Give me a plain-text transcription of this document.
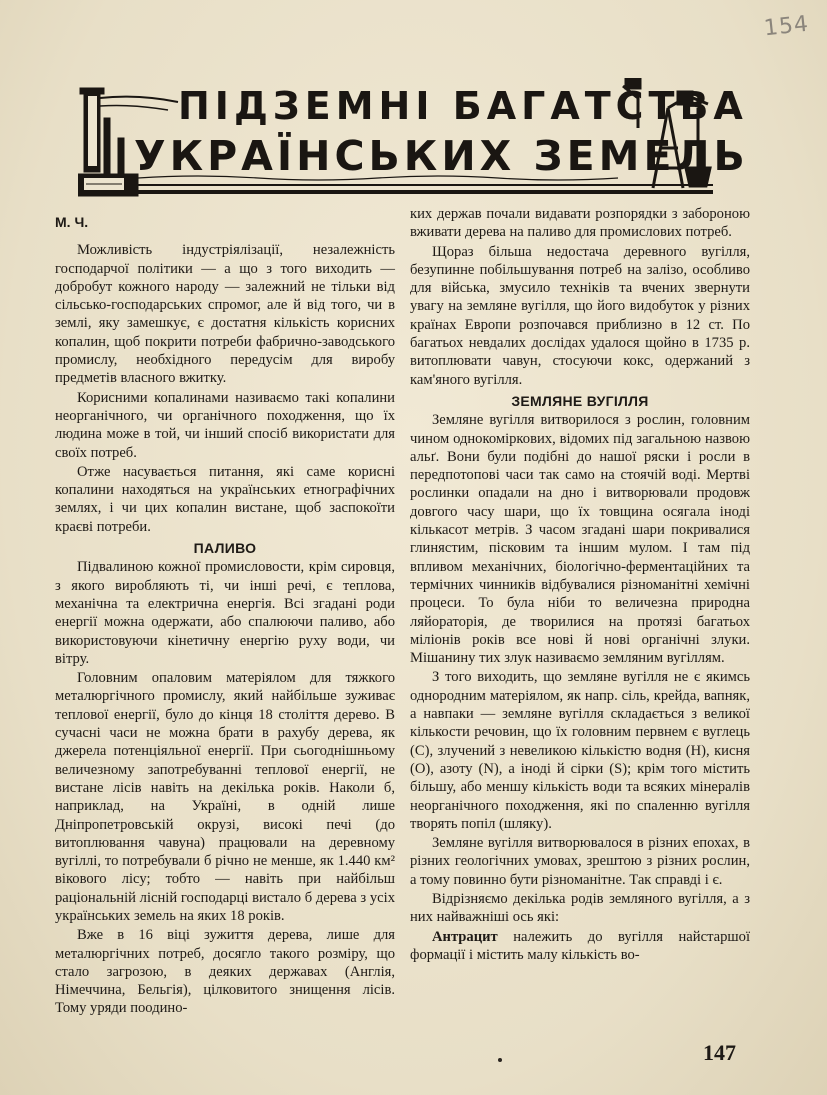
154
ПІДЗЕМНІ БАГАТСТВА
УКРАЇНСЬКИХ ЗЕМЕЛЬ

М. Ч.

Можливість індустріялізації, незалежність господарчої політики — а що з того виходить — добробут кожного народу — залежний не тільки від сільсько-господарських спромог, але й від того, чи в землі, яку замешкує, є достатня кількість корисних копалин, щоб покрити потреби фабрично-заводського промислу, необхідного передусім для виробу предметів власного вжитку.

Корисними копалинами називаємо такі копалини неорганічного, чи органічного походження, що їх людина може в той, чи інший спосіб використати для своїх потреб.

Отже насувається питання, які саме корисні копалини находяться на українських етнографічних землях, і чи цих копалин вистане, щоб заспокоїти краєві потреби.

ПАЛИВО

Підвалиною кожної промисловости, крім сировця, з якого виробляють ті, чи інші речі, є теплова, механічна та електрична енергія. Всі згадані роди енергії можна одержати, або спалюючи паливо, або використовуючи кінетичну енергію руху води, чи вітру.

Головним опаловим матеріялом для тяжкого металюргічного промислу, який найбільше зуживає теплової енергії, було до кінця 18 століття дерево. В сучасні часи не можна брати в рахубу дерева, як джерела потенціяльної енергії. При сьогоднішньому величезному запотребуванні теплової енергії, не вистане лісів навіть на декілька років. Наколи б, наприклад, на Україні, в одній лише Дніпропетровській окрузі, високі печі (до витоплювання чавуна) працювали на деревному вугіллі, то потребували б річно не менше, як 1.440 км² вікового лісу; тобто — навіть при найбільш раціональній лісній господарці вистало б дерева з усіх українських земель на яких 18 років.

Вже в 16 віці зужиття дерева, лише для металюргічних потреб, досягло такого розміру, що стало загрозою, в деяких державах (Англія, Німеччина, Бельгія), цілковитого знищення лісів. Тому уряди поодино-

ких держав почали видавати розпорядки з забороною вживати дерева на паливо для промислових потреб.

Щораз більша недостача деревного вугілля, безупинне побільшування потреб на залізо, особливо для війська, змусило техніків та вчених звернути увагу на земляне вугілля, що його видобуток у різних країнах Европи розпочався приблизно в 12 ст. По багатьох невдалих дослідах удалося щойно в 1735 р. витоплювати чавун, стосуючи кокс, одержаний з кам'яного вугілля.

ЗЕМЛЯНЕ ВУГІЛЛЯ

Земляне вугілля витворилося з рослин, головним чином однокоміркових, відомих під загальною назвою альґ. Вони були подібні до нашої ряски і росли в передпотопові часи так само на стоячій воді. Мертві рослинки опадали на дно і витворювали продовж довгого часу шари, що їх товщина осягала іноді кількасот метрів. З часом згадані шари покривалися глинястим, пісковим та іншим мулом. І там під впливом механічних, біологічно-ферментаційних та термічних чинників відбувалися різноманітні хемічні процеси. То була ніби то величезна природна ляйораторія, де творилися на протязі багатьох міліонів років все нові й нові органічні злуки. Мішанину тих злук називаємо земляним вугіллям.

З того виходить, що земляне вугілля не є якимсь однородним матеріялом, як напр. сіль, крейда, вапняк, а навпаки — земляне вугілля складається з великої кількости речовин, що їх головним первнем є вуглець (С), злучений з невеликою кількістю водня (Н), кисня (О), азоту (N), а іноді й сірки (S); крім того містить більшу, або меншу кількість води та всяких мінералів неорганічного походження, які по спаленню вугілля творять попіл (шляку).

Земляне вугілля витворювалося в різних епохах, в різних геологічних умовах, зрештою з різних рослин, а тому повинно бути різноманітне. Так справді і є.

Відрізняємо декілька родів земляного вугілля, а з них найважніші ось які:

Антрацит належить до вугілля найстаршої формації і містить малу кількість во-

147
